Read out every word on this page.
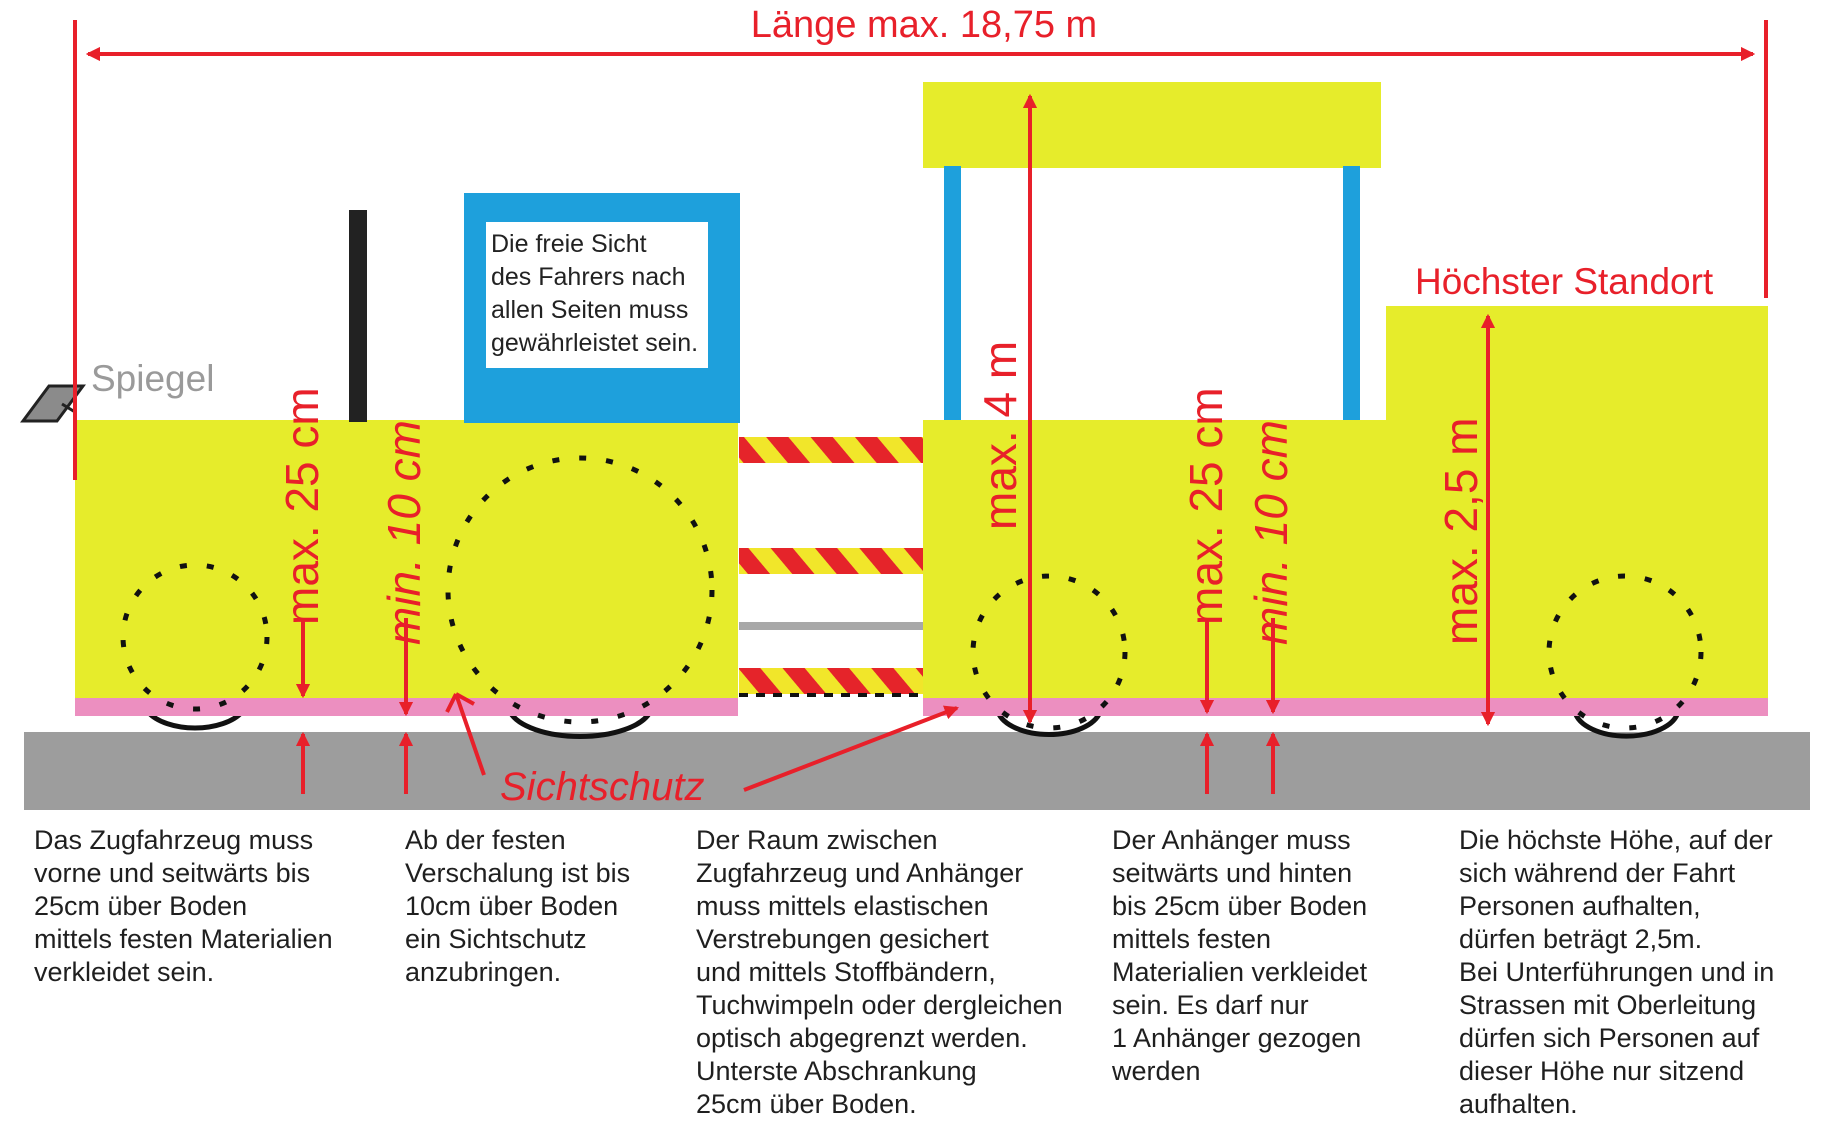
Länge max. 18,75 m
max. 25 cm min. 10 cm	max. 4 m	max. 25 cm min. 10 cm	max. 2,5 m
Höchster Standort
Spiegel
Sichtschutz
Die freie Sicht
des Fahrers nach
allen Seiten muss
gewährleistet sein.
Das Zugfahrzeug muss
vorne und seitwärts bis
25cm über Boden
mittels festen Materialien
verkleidet sein.
Ab der festen
Verschalung ist bis
10cm über Boden
ein Sichtschutz
anzubringen.
Der Raum zwischen
Zugfahrzeug und Anhänger
muss mittels elastischen
Verstrebungen gesichert
und mittels Stoffbändern,
Tuchwimpeln oder dergleichen
optisch abgegrenzt werden.
Unterste Abschrankung
25cm über Boden.
Der Anhänger muss
seitwärts und hinten
bis 25cm über Boden
mittels festen
Materialien verkleidet
sein. Es darf nur
1 Anhänger gezogen
werden
Die höchste Höhe, auf der
sich während der Fahrt
Personen aufhalten,
dürfen beträgt 2,5m.
Bei Unterführungen und in
Strassen mit Oberleitung
dürfen sich Personen auf
dieser Höhe nur sitzend
aufhalten.
